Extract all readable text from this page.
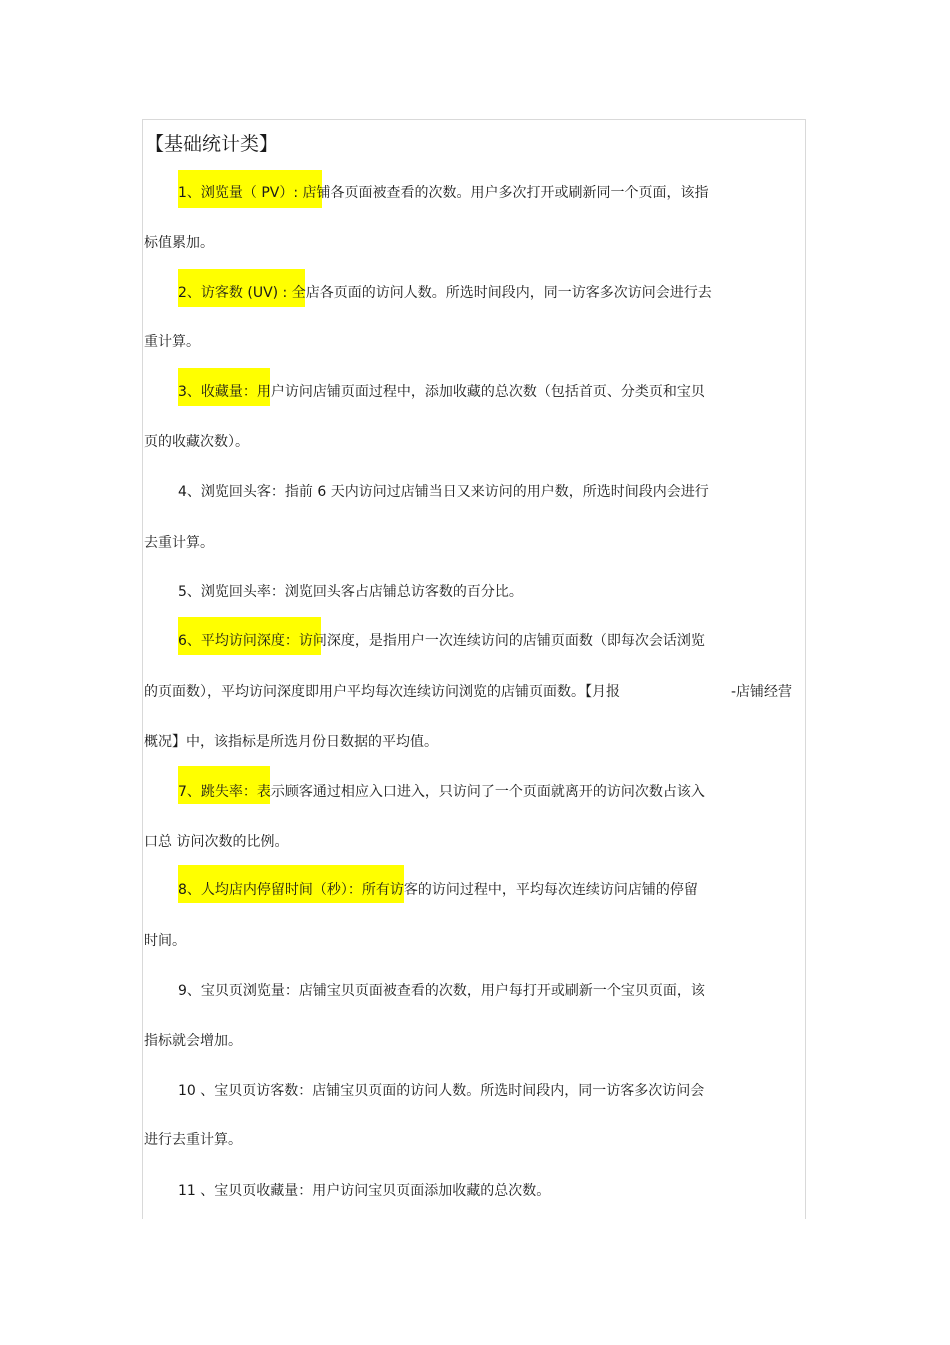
【基础统计类】
1、浏览量（ PV）: 店铺各页面被查看的次数。用户多次打开或刷新同一个页面，该指
标值累加。
2、访客数 (UV) : 全店各页面的访问人数。所选时间段内，同一访客多次访问会进行去
重计算。
3、收藏量：用户访问店铺页面过程中，添加收藏的总次数（包括首页、分类页和宝贝
页的收藏次数）。
4、浏览回头客：指前 6 天内访问过店铺当日又来访问的用户数，所选时间段内会进行
去重计算。
5、浏览回头率：浏览回头客占店铺总访客数的百分比。
6、平均访问深度：访问深度，是指用户一次连续访问的店铺页面数（即每次会话浏览
的页面数），平均访问深度即用户平均每次连续访问浏览的店铺页面数。【月报	-店铺经营
概况】中，该指标是所选月份日数据的平均值。
7、跳失率：表示顾客通过相应入口进入，只访问了一个页面就离开的访问次数占该入
口总 访问次数的比例。
8、人均店内停留时间（秒）：所有访客的访问过程中，平均每次连续访问店铺的停留
时间。
9、宝贝页浏览量：店铺宝贝页面被查看的次数，用户每打开或刷新一个宝贝页面，该
指标就会增加。
10 、宝贝页访客数：店铺宝贝页面的访问人数。所选时间段内，同一访客多次访问会
进行去重计算。
11 、宝贝页收藏量：用户访问宝贝页面添加收藏的总次数。
